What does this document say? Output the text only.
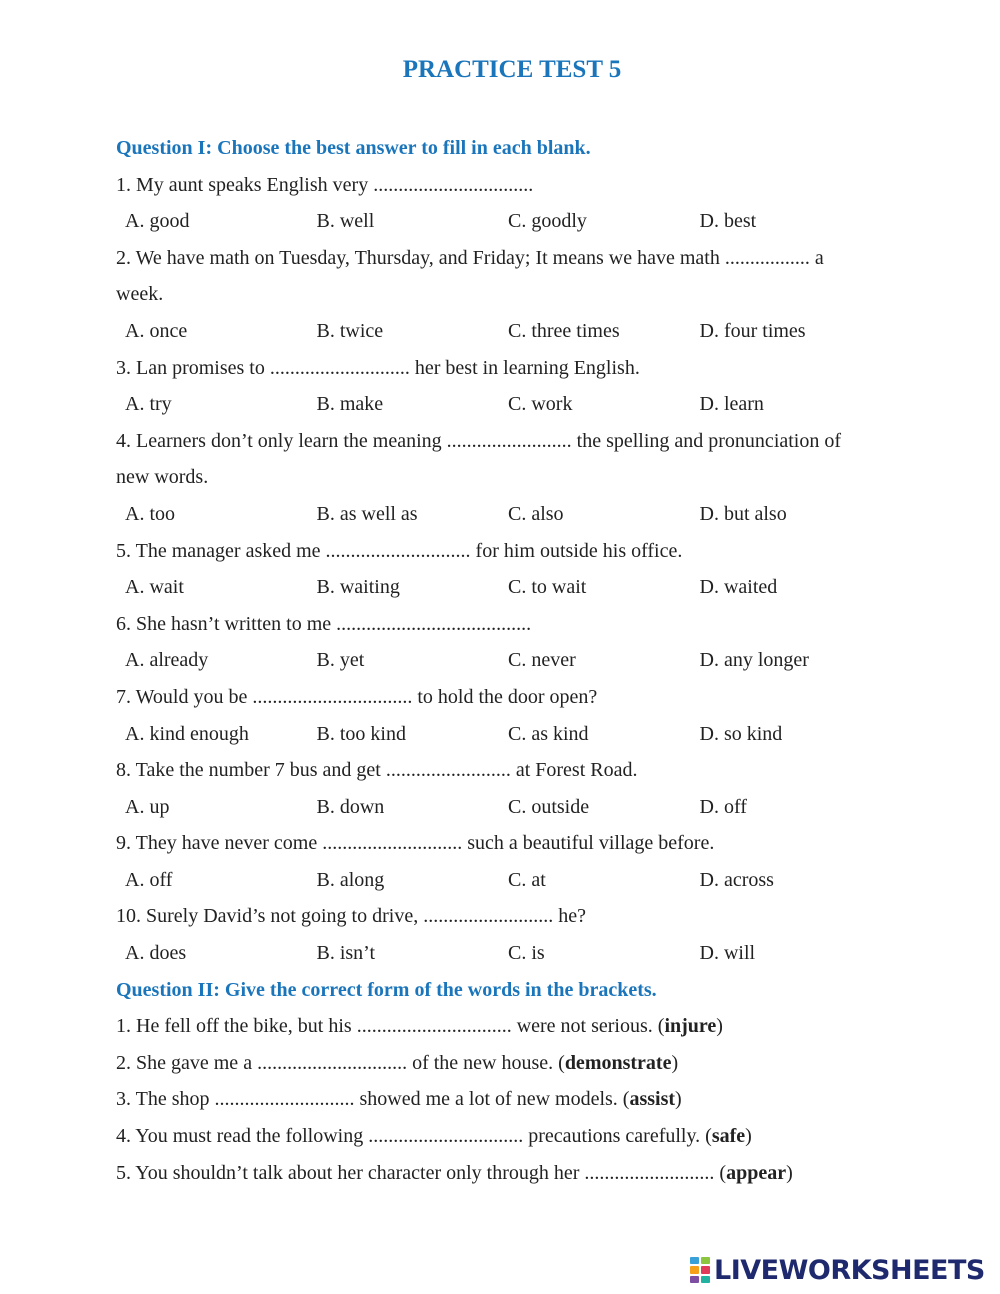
PRACTICE TEST 5
Question I: Choose the best answer to fill in each blank.
1. My aunt speaks English very ................................
A. good	B. well	C. goodly	D. best
2. We have math on Tuesday, Thursday, and Friday; It means we have math ................. a
week.
A. once	B. twice	C. three times	D. four times
3. Lan promises to ............................ her best in learning English.
A. try	B. make	C. work	D. learn
4. Learners don’t only learn the meaning ......................... the spelling and pronunciation of
new words.
A. too	B. as well as	C. also	D. but also
5. The manager asked me ............................. for him outside his office.
A. wait	B. waiting	C. to wait	D. waited
6. She hasn’t written to me .......................................
A. already	B. yet	C. never	D. any longer
7. Would you be ................................ to hold the door open?
A. kind enough	B. too kind	C. as kind	D. so kind
8. Take the number 7 bus and get ......................... at Forest Road.
A. up	B. down	C. outside	D. off
9. They have never come ............................ such a beautiful village before.
A. off	B. along	C. at	D. across
10. Surely David’s not going to drive, .......................... he?
A. does	B. isn’t	C. is	D. will
Question II: Give the correct form of the words in the brackets.
1. He fell off the bike, but his ............................... were not serious. (injure)
2. She gave me a .............................. of the new house. (demonstrate)
3. The shop ............................ showed me a lot of new models. (assist)
4. You must read the following ............................... precautions carefully. (safe)
5. You shouldn’t talk about her character only through her .......................... (appear)
LIVEWORKSHEETS
